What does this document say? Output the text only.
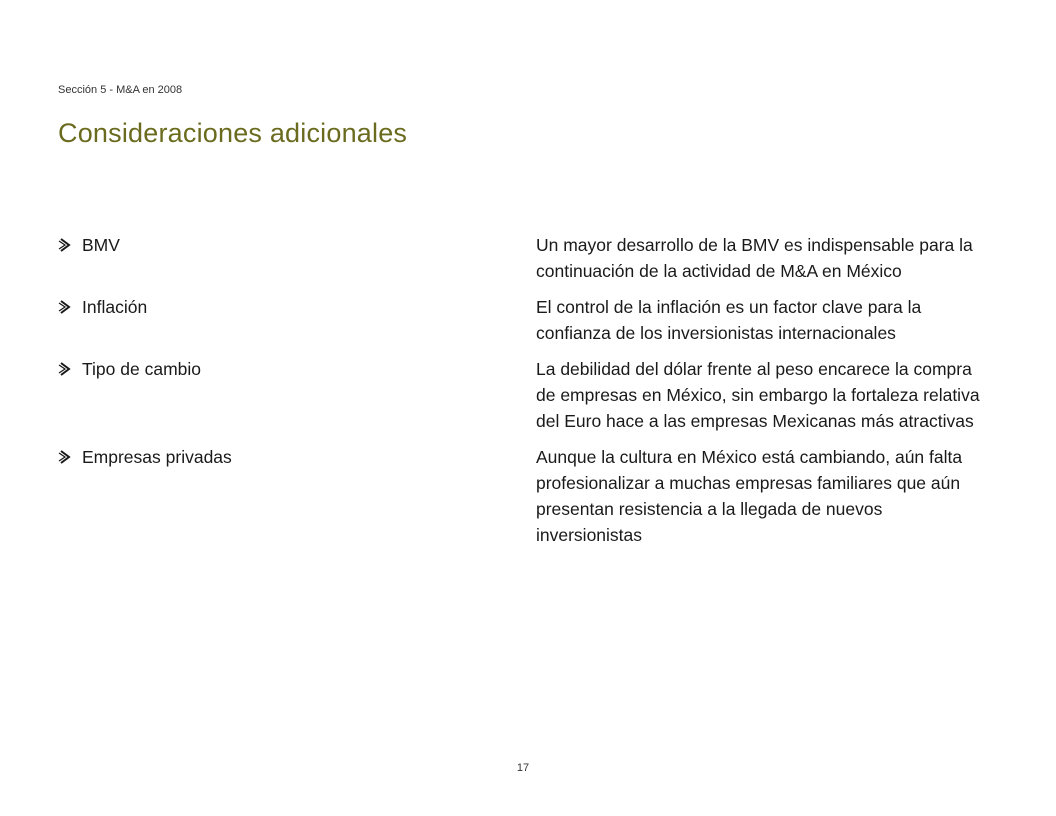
Sección 5 - M&A en 2008
Consideraciones adicionales
BMV	Un mayor desarrollo de la BMV es indispensable para la continuación de la actividad de M&A en México
Inflación	El control de la inflación es un factor clave para la confianza de los inversionistas internacionales
Tipo de cambio	La debilidad del dólar frente al peso encarece la compra de empresas en México, sin embargo la fortaleza relativa del Euro hace a las empresas Mexicanas más atractivas
Empresas privadas	Aunque la cultura en México está cambiando, aún falta profesionalizar a muchas empresas familiares que aún presentan resistencia a la llegada de nuevos inversionistas
17
